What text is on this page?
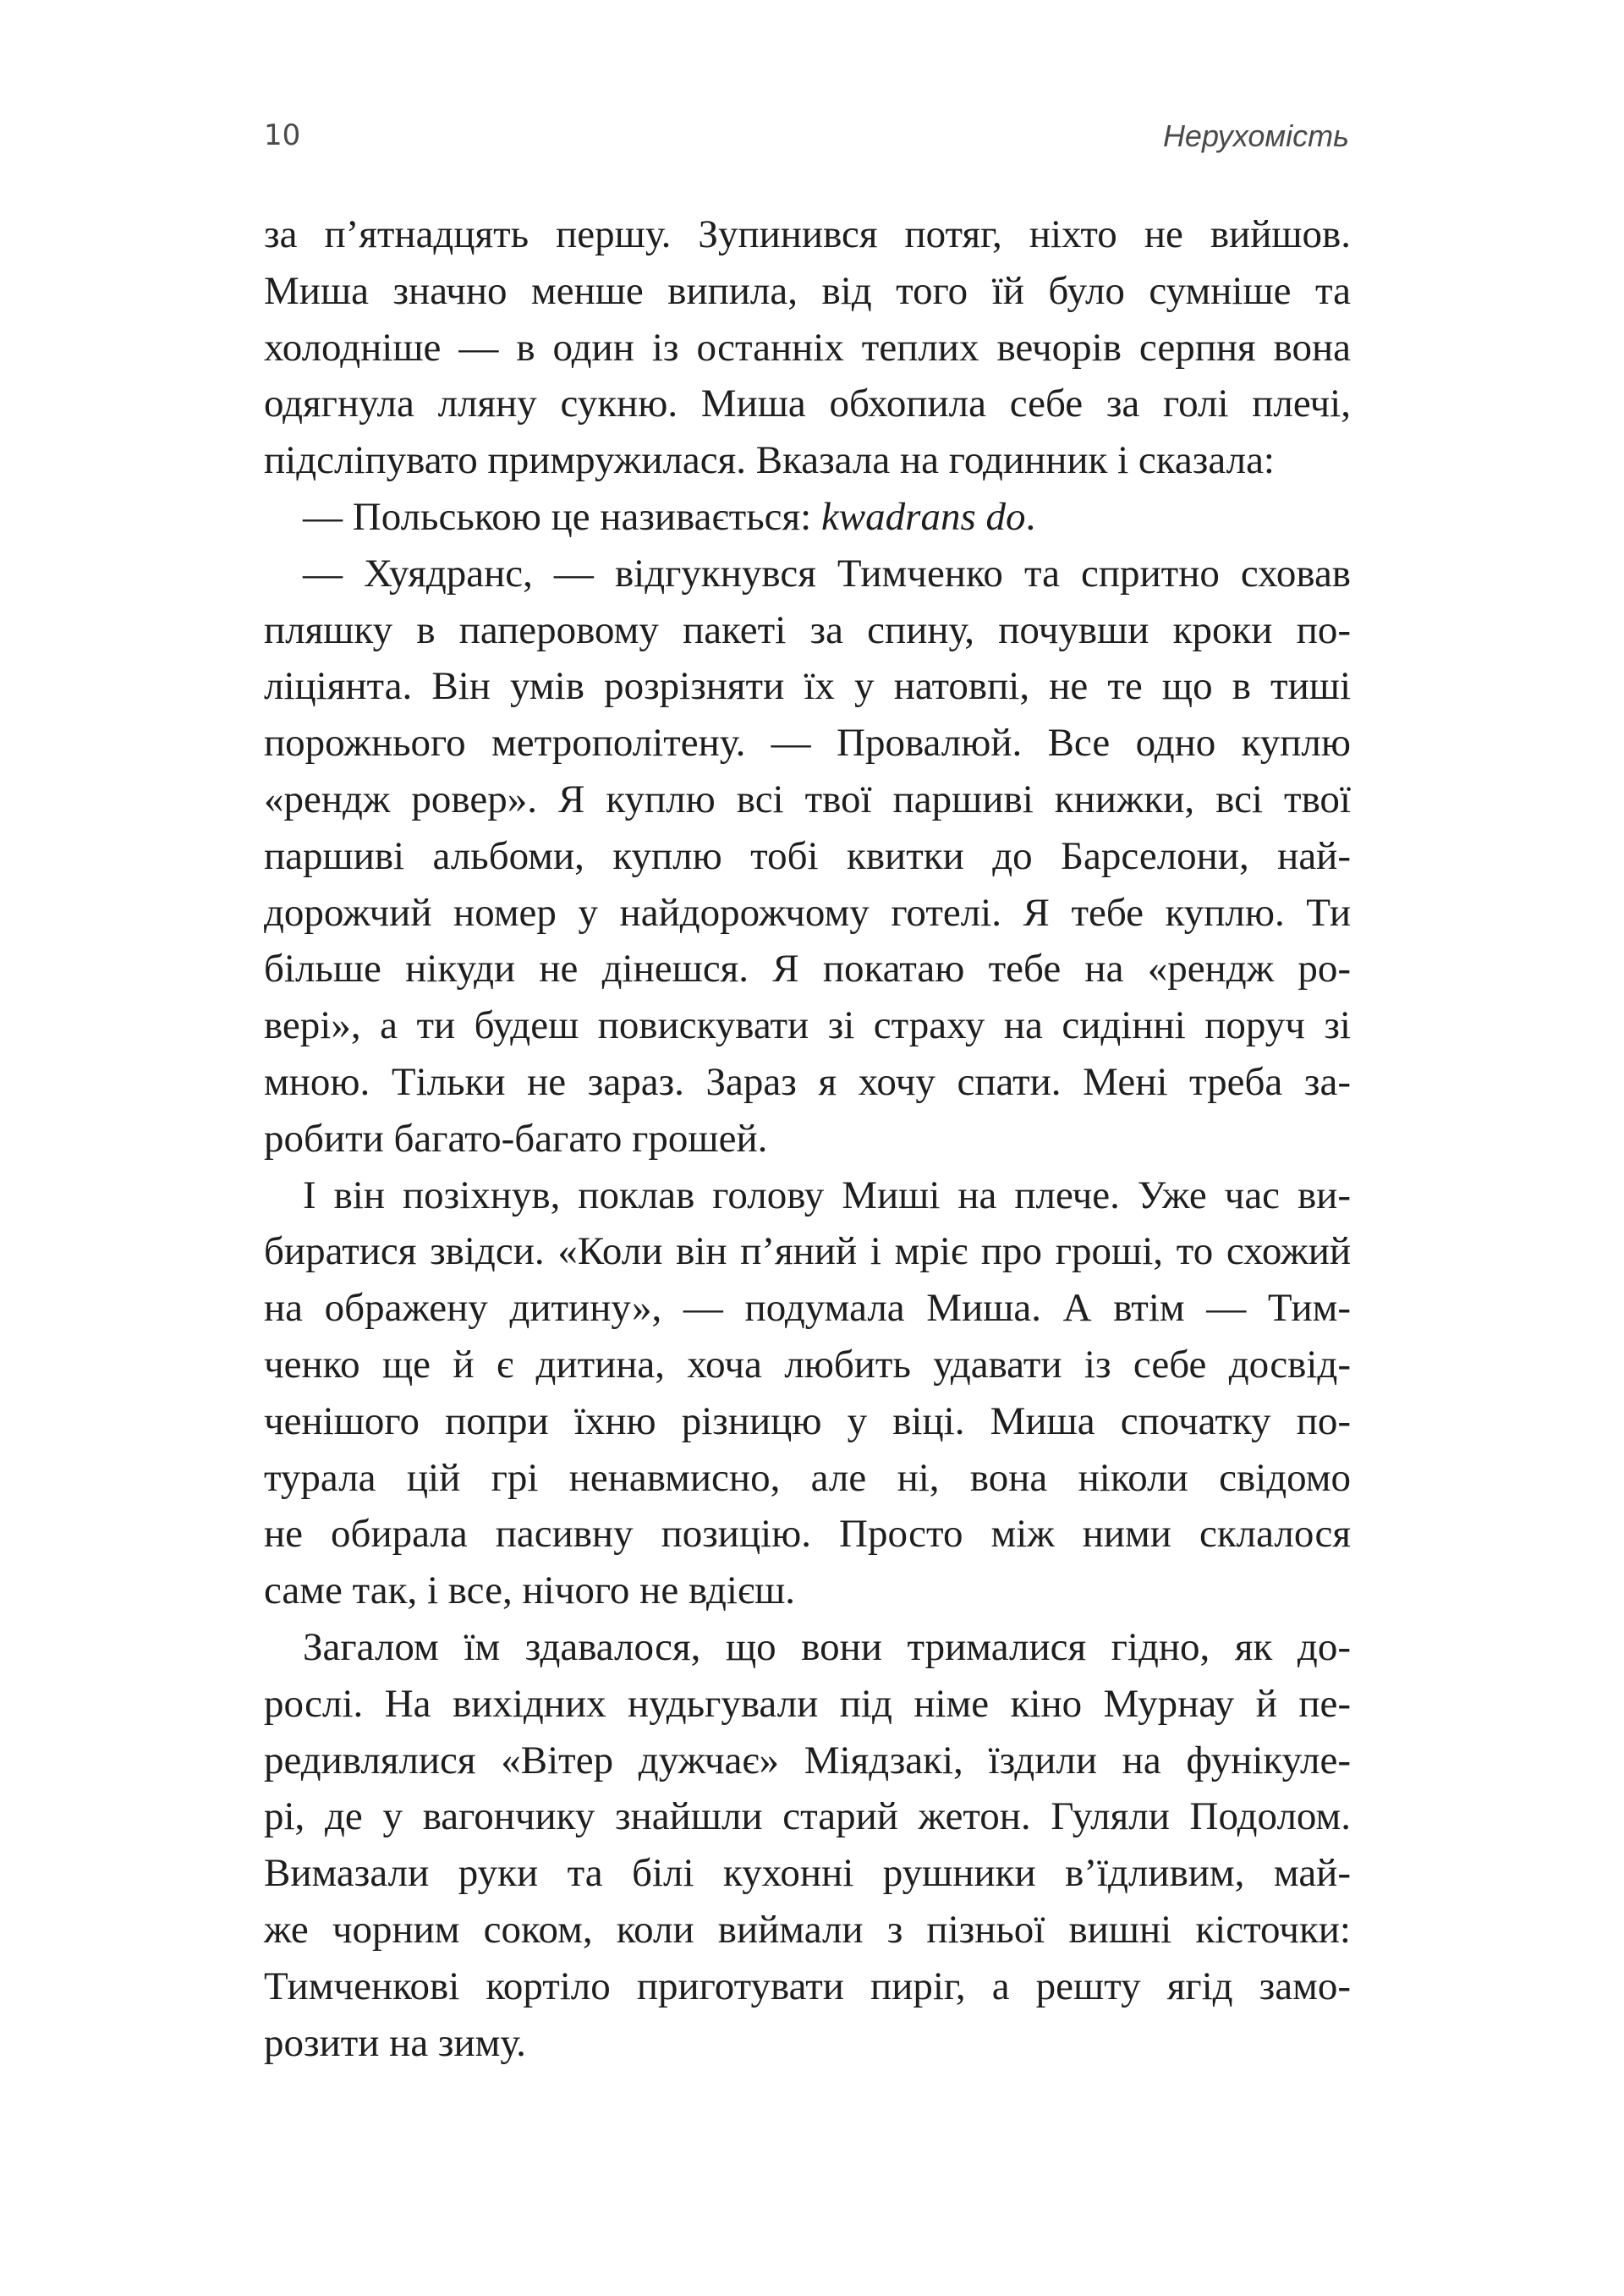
10	Нерухомість
за п’ятнадцять першу. Зупинився потяг, ніхто не вийшов.
Миша значно менше випила, від того їй було сумніше та
холодніше — в один із останніх теплих вечорів серпня вона
одягнула лляну сукню. Миша обхопила себе за голі плечі,
підсліпувато примружилася. Вказала на годинник і сказала:
— Польською це називається: kwadrans do.
— Хуядранс, — відгукнувся Тимченко та спритно сховав
пляшку в паперовому пакеті за спину, почувши кроки по-
ліціянта. Він умів розрізняти їх у натовпі, не те що в тиші
порожнього метрополітену. — Провалюй. Все одно куплю
«рендж ровер». Я куплю всі твої паршиві книжки, всі твої
паршиві альбоми, куплю тобі квитки до Барселони, най-
дорожчий номер у найдорожчому готелі. Я тебе куплю. Ти
більше нікуди не дінешся. Я покатаю тебе на «рендж ро-
вері», а ти будеш повискувати зі страху на сидінні поруч зі
мною. Тільки не зараз. Зараз я хочу спати. Мені треба за-
робити багато-багато грошей.
І він позіхнув, поклав голову Миші на плече. Уже час ви-
биратися звідси. «Коли він п’яний і мріє про гроші, то схожий
на ображену дитину», — подумала Миша. А втім — Тим-
ченко ще й є дитина, хоча любить удавати із себе досвід-
ченішого попри їхню різницю у віці. Миша спочатку по-
турала цій грі ненавмисно, але ні, вона ніколи свідомо
не обирала пасивну позицію. Просто між ними склалося
саме так, і все, нічого не вдієш.
Загалом їм здавалося, що вони трималися гідно, як до-
рослі. На вихідних нудьгували під німе кіно Мурнау й пе-
редивлялися «Вітер дужчає» Міядзакі, їздили на фунікуле-
рі, де у вагончику знайшли старий жетон. Гуляли Подолом.
Вимазали руки та білі кухонні рушники в’їдливим, май-
же чорним соком, коли виймали з пізньої вишні кісточки:
Тимченкові кортіло приготувати пиріг, а решту ягід замо-
розити на зиму.
